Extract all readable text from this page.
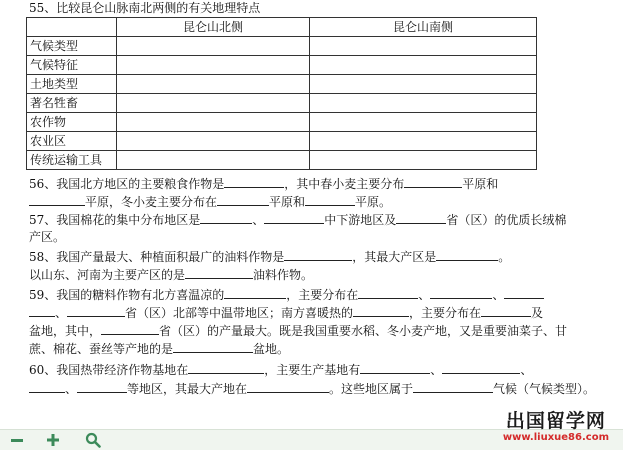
55、比较昆仑山脉南北两侧的有关地理特点
	昆仑山北侧	昆仑山南侧
气候类型		
气候特征		
土地类型		
著名牲畜		
农作物		
农业区		
传统运输工具		
56、我国北方地区的主要粮食作物是	，其中春小麦主要分布	平原和
平原，冬小麦主要分布在	平原和	平原。
57、我国棉花的集中分布地区是	、	中下游地区及	省（区）的优质长绒棉
产区。
58、我国产量最大、种植面积最广的油料作物是	，其最大产区是	。
以山东、河南为主要产区的是	油料作物。
59、我国的糖料作物有北方喜温凉的	，主要分布在	、	、
、	省（区）北部等中温带地区；南方喜暖热的	，主要分布在	及
盆地，其中，	省（区）的产量最大。既是我国重要水稻、冬小麦产地，又是重要油菜子、甘
蔗、棉花、蚕丝等产地的是	盆地。
60、我国热带经济作物基地在	，主要生产基地有	、	、
、	等地区，其最大产地在	。这些地区属于	气候（气候类型）。
出国留学网
www.liuxue86.com
